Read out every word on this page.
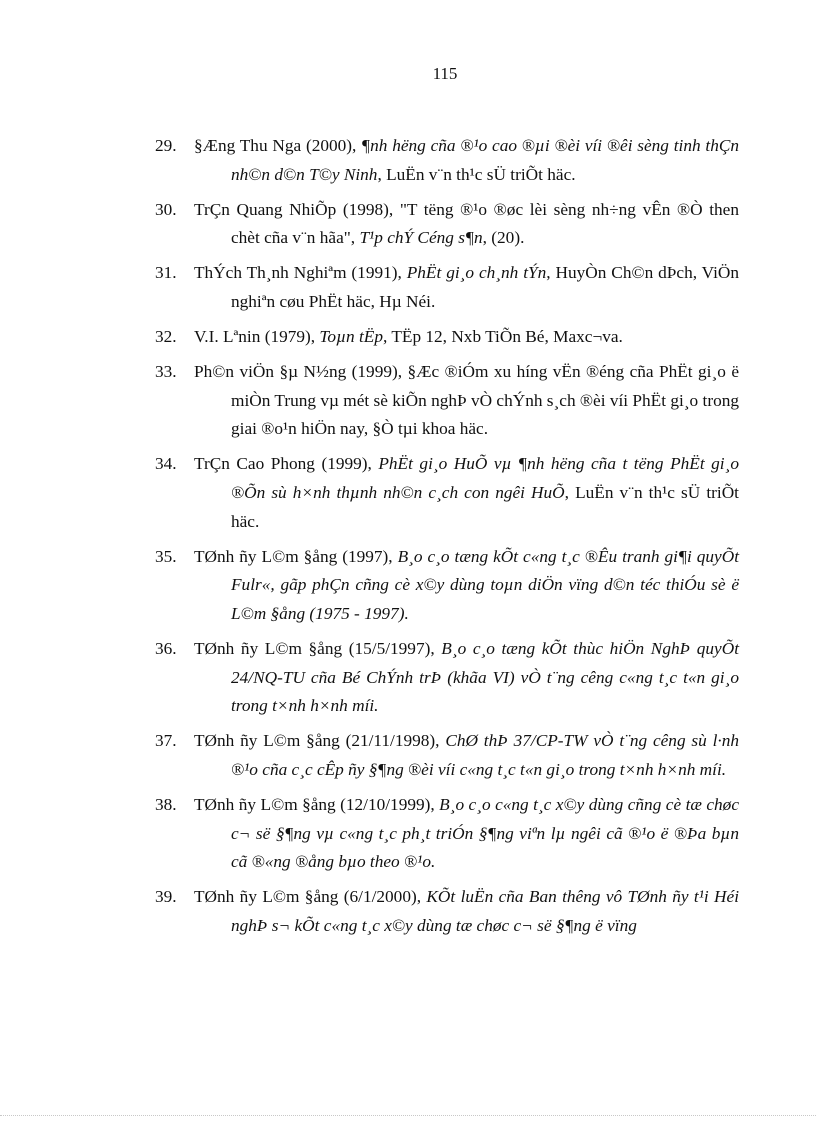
115
29. §Æng Thu Nga (2000), ¶nh hëng cña ®¹o cao ®µi ®èi víi ®êi sèng tinh thÇn nh©n d©n T©y Ninh, LuËn v¨n th¹c sÜ triÕt häc.
30. TrÇn Quang NhiÕp (1998), "T tëng ®¹o ®øc lèi sèng nh÷ng vÊn ®Ò then chèt cña v¨n hãa", T¹p chÝ Céng s¶n, (20).
31. ThÝch Th¸nh Nghiªm (1991), PhËt gi¸o ch¸nh tÝn, HuyÒn Ch©n dÞch, ViÖn nghiªn cøu PhËt häc, Hµ Néi.
32. V.I. Lªnin (1979), Toµn tËp, TËp 12, Nxb TiÕn Bé, Maxc¬va.
33. Ph©n viÖn §µ N½ng (1999), §Æc ®iÓm xu híng vËn ®éng cña PhËt gi¸o ë miÒn Trung vµ mét sè kiÕn nghÞ vÒ chÝnh s¸ch ®èi víi PhËt gi¸o trong giai ®o¹n hiÖn nay, §Ò tµi khoa häc.
34. TrÇn Cao Phong (1999), PhËt gi¸o HuÕ vµ ¶nh hëng cña t tëng PhËt gi¸o ®Õn sù h×nh thµnh nh©n c¸ch con ngêi HuÕ, LuËn v¨n th¹c sÜ triÕt häc.
35. TØnh ñy L©m §ång (1997), B¸o c¸o tæng kÕt c«ng t¸c ®Êu tranh gi¶i quyÕt Fulr«, gãp phÇn cñng cè x©y dùng toµn diÖn vïng d©n téc thiÓu sè ë L©m §ång (1975 - 1997).
36. TØnh ñy L©m §ång (15/5/1997), B¸o c¸o tæng kÕt thùc hiÖn NghÞ quyÕt 24/NQ-TU cña Bé ChÝnh trÞ (khãa VI) vÒ t¨ng cêng c«ng t¸c t«n gi¸o trong t×nh h×nh míi.
37. TØnh ñy L©m §ång (21/11/1998), ChØ thÞ 37/CP-TW vÒ t¨ng cêng sù l·nh ®¹o cña c¸c cÊp ñy §¶ng ®èi víi c«ng t¸c t«n gi¸o trong t×nh h×nh míi.
38. TØnh ñy L©m §ång (12/10/1999), B¸o c¸o c«ng t¸c x©y dùng cñng cè tæ chøc c¬ së §¶ng vµ c«ng t¸c ph¸t triÓn §¶ng viªn lµ ngêi cã ®¹o ë ®Þa bµn cã ®«ng ®ång bµo theo ®¹o.
39. TØnh ñy L©m §ång (6/1/2000), KÕt luËn cña Ban thêng vô TØnh ñy t¹i Héi nghÞ s¬ kÕt c«ng t¸c x©y dùng tæ chøc c¬ së §¶ng ë vïng
